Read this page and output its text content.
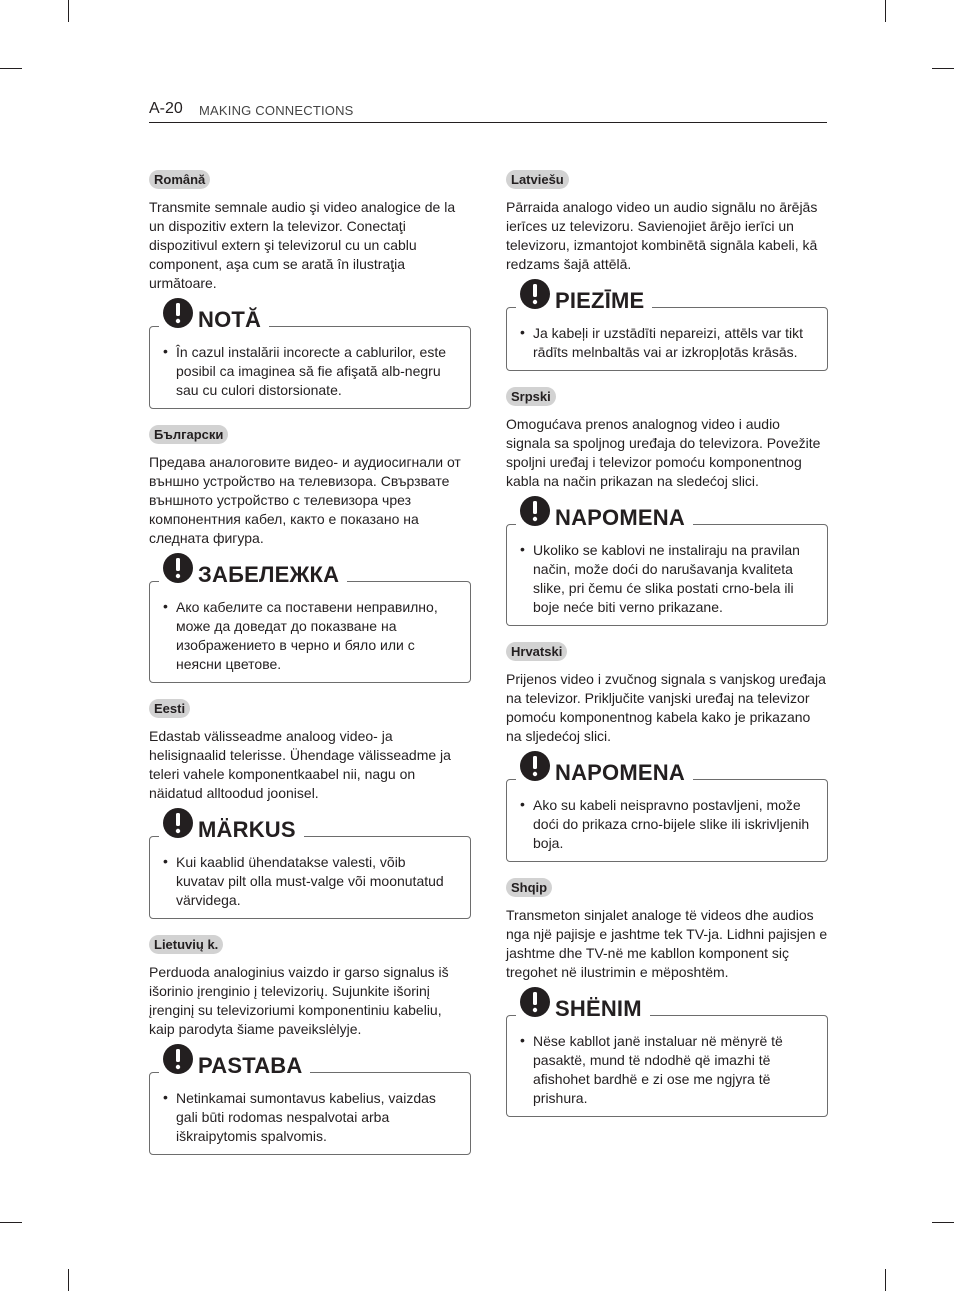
A-20 MAKING CONNECTIONS
Română

Transmite semnale audio şi video analogice de la un dispozitiv extern la televizor. Conectaţi dispozitivul extern şi televizorul cu un cablu component, aşa cum se arată în ilustraţia următoare.

NOTĂ
• În cazul instalării incorecte a cablurilor, este posibil ca imaginea să fie afişată alb-negru sau cu culori distorsionate.
Български

Предава аналоговите видео- и аудиосигнали от външно устройство на телевизора. Свързвате външното устройство с телевизора чрез компонентния кабел, както е показано на следната фигура.

ЗАБЕЛЕЖКА
• Ако кабелите са поставени неправилно, може да доведат до показване на изображението в черно и бяло или с неясни цветове.
Eesti

Edastab välisseadme analoog video- ja helisignaalid telerisse. Ühendage välisseadme ja teleri vahele komponentkaabel nii, nagu on näidatud alltoodud joonisel.

MÄRKUS
• Kui kaablid ühendatakse valesti, võib kuvatav pilt olla must-valge või moonutatud värvidega.
Lietuvių k.

Perduoda analoginius vaizdo ir garso signalus iš išorinio įrenginio į televizorių. Sujunkite išorinį įrenginį su televizoriumi komponentiniu kabeliu, kaip parodyta šiame paveikslėlyje.

PASTABA
• Netinkamai sumontavus kabelius, vaizdas gali būti rodomas nespalvotai arba iškraipytomis spalvomis.
Latviešu

Pārraida analogo video un audio signālu no ārējās ierīces uz televizoru. Savienojiet ārējo ierīci un televizoru, izmantojot kombinētā signāla kabeli, kā redzams šajā attēlā.

PIEZĪME
• Ja kabeļi ir uzstādīti nepareizi, attēls var tikt rādīts melnbaltās vai ar izkropļotās krāsās.
Srpski

Omogućava prenos analognog video i audio signala sa spoljnog uređaja do televizora. Povežite spoljni uređaj i televizor pomoću komponentnog kabla na način prikazan na sledećoj slici.

NAPOMENA
• Ukoliko se kablovi ne instaliraju na pravilan način, može doći do narušavanja kvaliteta slike, pri čemu će slika postati crno-bela ili boje neće biti verno prikazane.
Hrvatski

Prijenos video i zvučnog signala s vanjskog uređaja na televizor. Priključite vanjski uređaj na televizor pomoću komponentnog kabela kako je prikazano na sljedećoj slici.

NAPOMENA
• Ako su kabeli neispravno postavljeni, može doći do prikaza crno-bijele slike ili iskrivljenih boja.
Shqip

Transmeton sinjalet analoge të videos dhe audios nga një pajisje e jashtme tek TV-ja. Lidhni pajisjen e jashtme dhe TV-në me kabllon komponent siç tregohet në ilustrimin e mëposhtëm.

SHËNIM
• Nëse kabllot janë instaluar në mënyrë të pasaktë, mund të ndodhë që imazhi të afishohet bardhë e zi ose me ngjyra të prishura.
